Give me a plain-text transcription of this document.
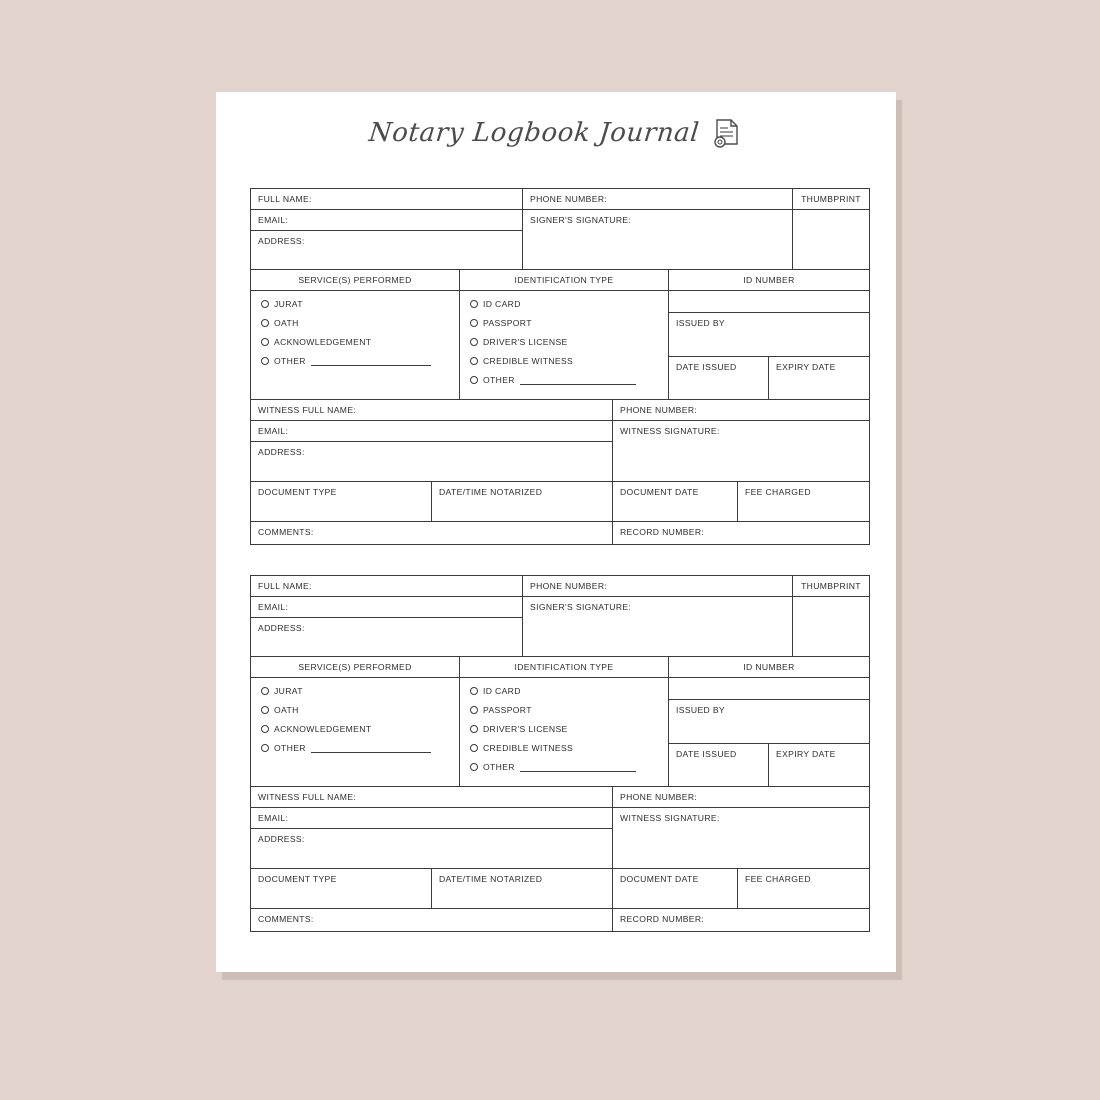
Notary Logbook Journal
FULL NAME:	PHONE NUMBER:	THUMBPRINT
EMAIL:	SIGNER'S SIGNATURE:
ADDRESS:
SERVICE(S) PERFORMED	IDENTIFICATION TYPE	ID NUMBER
JURAT
OATH
ACKNOWLEDGEMENT
OTHER
ID CARD
PASSPORT
DRIVER'S LICENSE
CREDIBLE WITNESS
OTHER
ISSUED BY
DATE ISSUED	EXPIRY DATE
WITNESS FULL NAME:	PHONE NUMBER:
EMAIL:	WITNESS SIGNATURE:
ADDRESS:
DOCUMENT TYPE	DATE/TIME NOTARIZED	DOCUMENT DATE	FEE CHARGED
COMMENTS:	RECORD NUMBER:
FULL NAME:	PHONE NUMBER:	THUMBPRINT
EMAIL:	SIGNER'S SIGNATURE:
ADDRESS:
SERVICE(S) PERFORMED	IDENTIFICATION TYPE	ID NUMBER
JURAT
OATH
ACKNOWLEDGEMENT
OTHER
ID CARD
PASSPORT
DRIVER'S LICENSE
CREDIBLE WITNESS
OTHER
ISSUED BY
DATE ISSUED	EXPIRY DATE
WITNESS FULL NAME:	PHONE NUMBER:
EMAIL:	WITNESS SIGNATURE:
ADDRESS:
DOCUMENT TYPE	DATE/TIME NOTARIZED	DOCUMENT DATE	FEE CHARGED
COMMENTS:	RECORD NUMBER:
